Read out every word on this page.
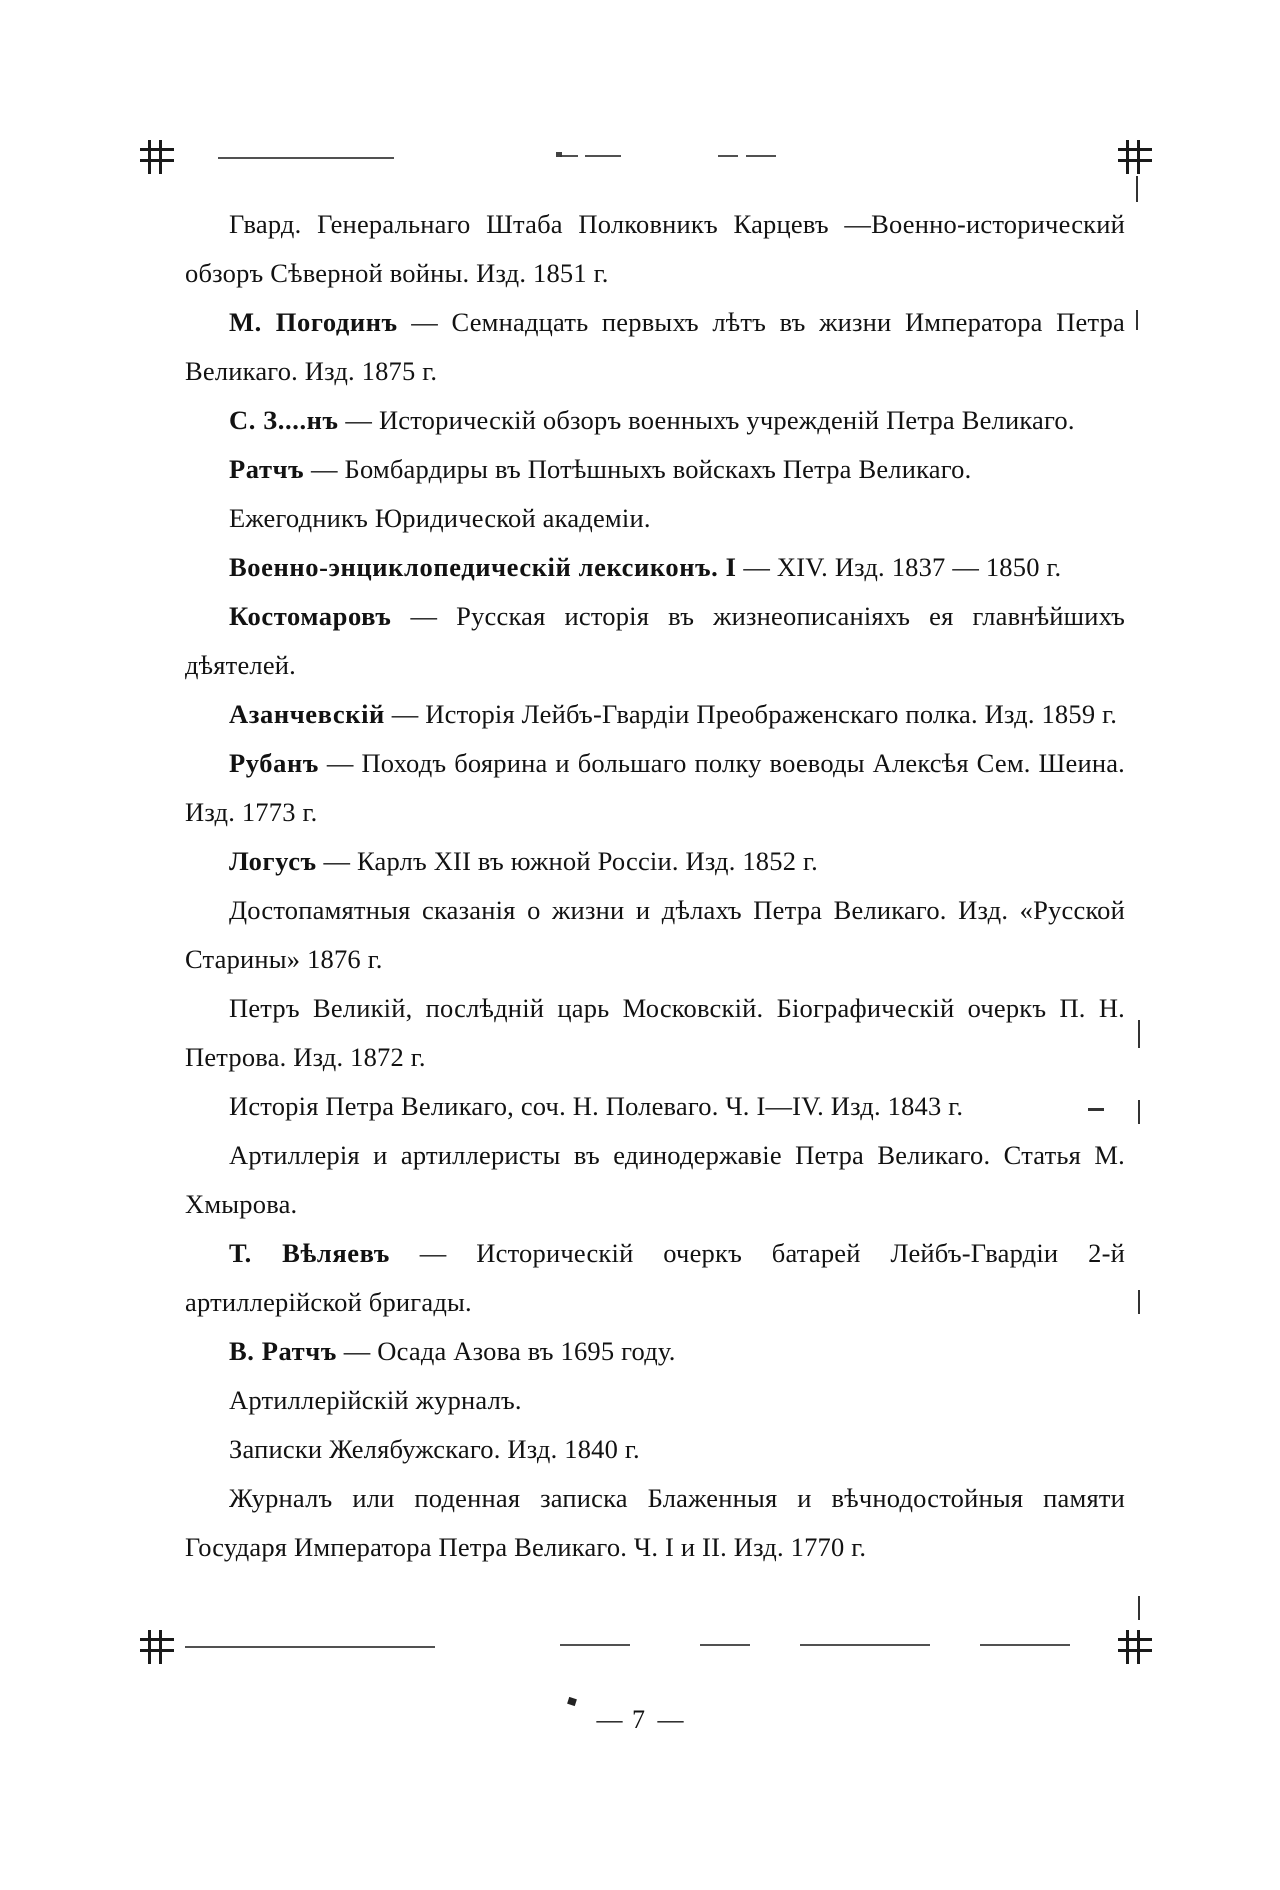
Гвард. Генеральнаго Штаба Полковникъ Карцевъ —Военно-исторический обзоръ Сѣверной войны. Изд. 1851 г.

М. Погодинъ — Семнадцать первыхъ лѣтъ въ жизни Императора Петра Великаго. Изд. 1875 г.

С. З....нъ — Историческій обзоръ военныхъ учрежденій Петра Великаго.

Ратчъ — Бомбардиры въ Потѣшныхъ войскахъ Петра Великаго.

Ежегодникъ Юридической академіи.

Военно-энциклопедическій лексиконъ. I — XIV. Изд. 1837 — 1850 г.

Костомаровъ — Русская исторія въ жизнеописаніяхъ ея главнѣйшихъ дѣятелей.

Азанчевскій — Исторія Лейбъ-Гвардіи Преображенскаго полка. Изд. 1859 г.

Рубанъ — Походъ боярина и большаго полку воеводы Алексѣя Сем. Шеина. Изд. 1773 г.

Логусъ — Карлъ XII въ южной Россіи. Изд. 1852 г.

Достопамятныя сказанія о жизни и дѣлахъ Петра Великаго. Изд. «Русской Старины» 1876 г.

Петръ Великій, послѣдній царь Московскій. Біографическій очеркъ П. Н. Петрова. Изд. 1872 г.

Исторія Петра Великаго, соч. Н. Полеваго. Ч. I—IV. Изд. 1843 г.

Артиллерія и артиллеристы въ единодержавіе Петра Великаго. Статья М. Хмырова.

Т. Вѣляевъ — Историческій очеркъ батарей Лейбъ-Гвардіи 2-й артиллерійской бригады.

В. Ратчъ — Осада Азова въ 1695 году.

Артиллерійскій журналъ.

Записки Желябужскаго. Изд. 1840 г.

Журналъ или поденная записка Блаженныя и вѣчнодостойныя памяти Государя Императора Петра Великаго. Ч. I и II. Изд. 1770 г.

— 7 —
